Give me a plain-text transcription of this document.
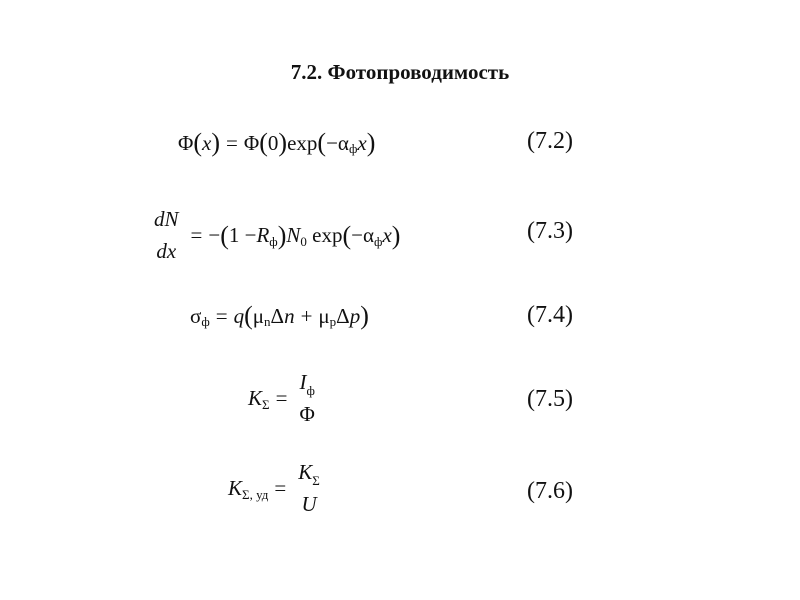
7.2. Фотопроводимость
Φ ( x ) = Φ ( 0 ) exp ( $-\alpha_ф$ x )	(7.2)
dN
dx
= − ( $1 - R_ф$ ) $N_0$ exp ( $-\alpha_ф$ x )	(7.3)
$\sigma_ф = q$ ( $\mu_n$ Δ $n + \mu_p$ Δ p )	(7.4)
$K_\Sigma$ =
$I_ф$
Φ
(7.5)
$K_{\Sigma, уд}$ =
$K_\Sigma$
U	(7.6)
